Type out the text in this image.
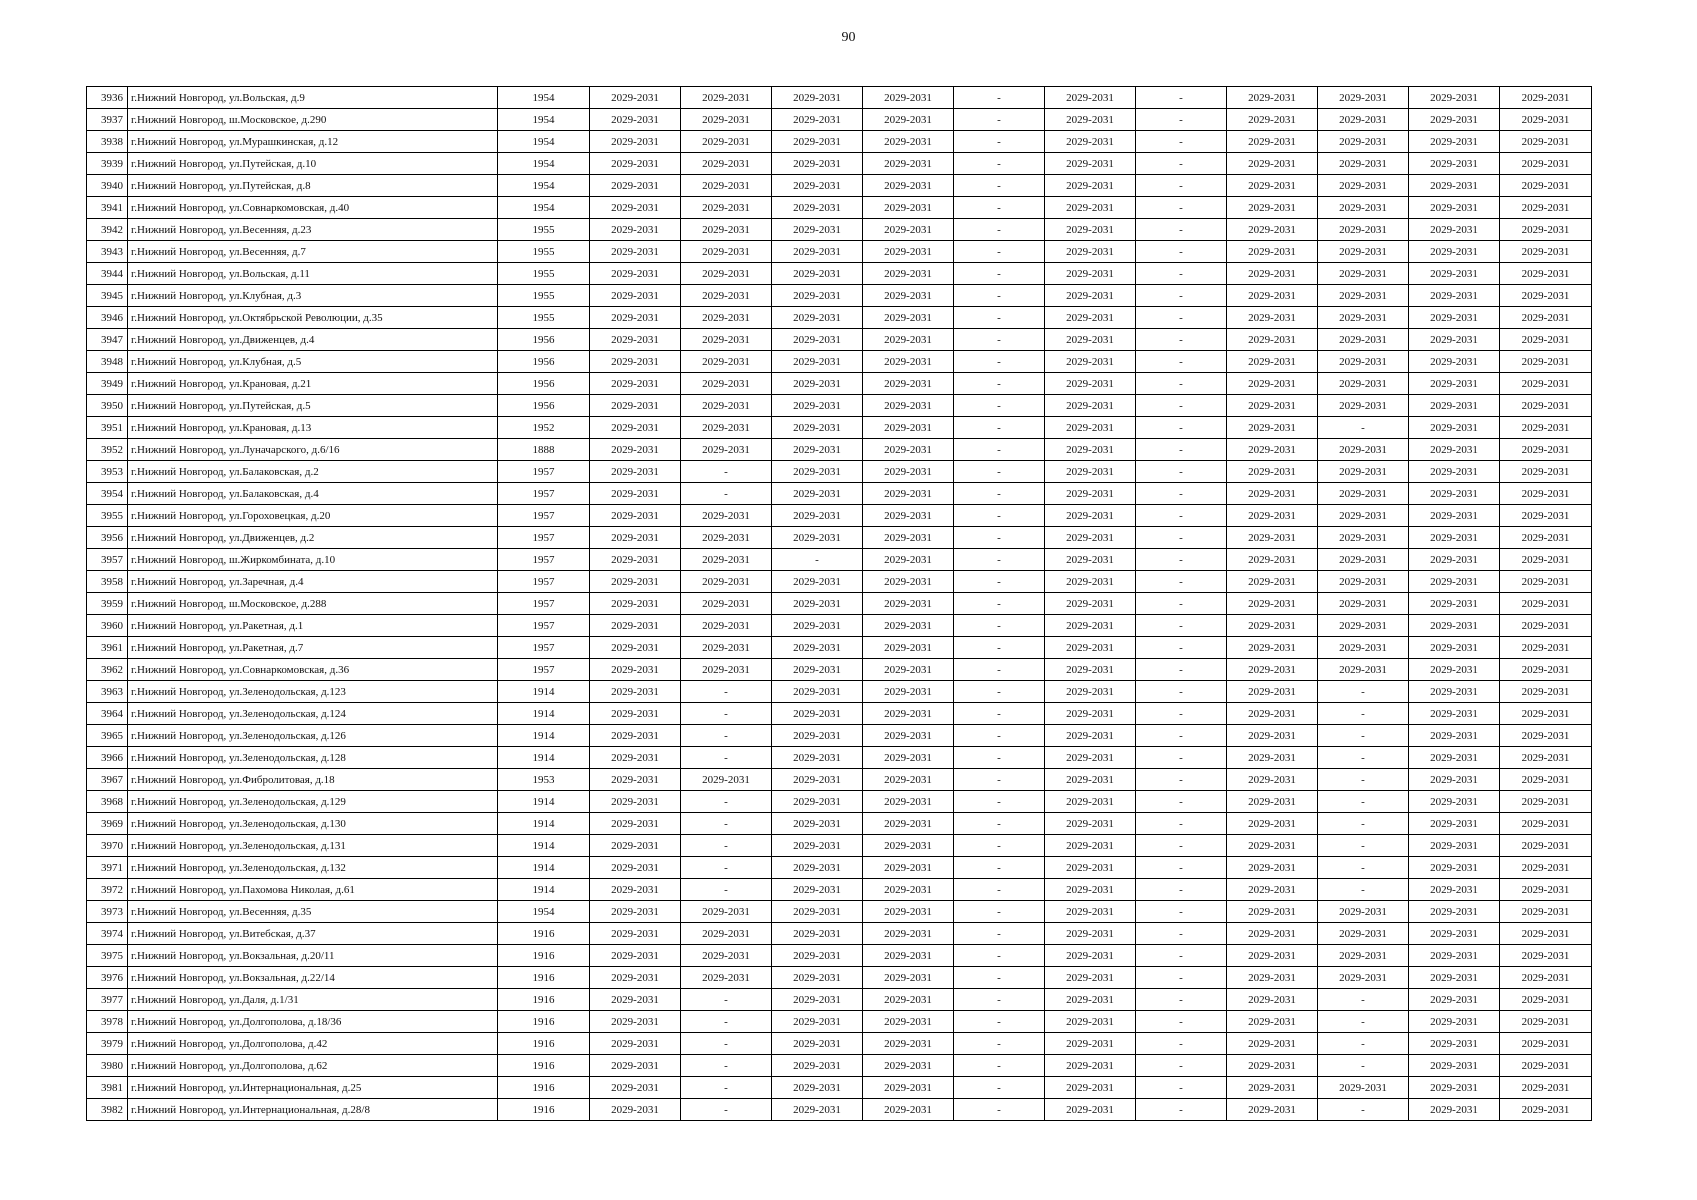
90
3936	г.Нижний Новгород, ул.Вольская, д.9	1954	2029-2031	2029-2031	2029-2031	2029-2031	-	2029-2031	-	2029-2031	2029-2031	2029-2031	2029-2031
3937	г.Нижний Новгород, ш.Московское, д.290	1954	2029-2031	2029-2031	2029-2031	2029-2031	-	2029-2031	-	2029-2031	2029-2031	2029-2031	2029-2031
3938	г.Нижний Новгород, ул.Мурашкинская, д.12	1954	2029-2031	2029-2031	2029-2031	2029-2031	-	2029-2031	-	2029-2031	2029-2031	2029-2031	2029-2031
3939	г.Нижний Новгород, ул.Путейская, д.10	1954	2029-2031	2029-2031	2029-2031	2029-2031	-	2029-2031	-	2029-2031	2029-2031	2029-2031	2029-2031
3940	г.Нижний Новгород, ул.Путейская, д.8	1954	2029-2031	2029-2031	2029-2031	2029-2031	-	2029-2031	-	2029-2031	2029-2031	2029-2031	2029-2031
3941	г.Нижний Новгород, ул.Совнаркомовская, д.40	1954	2029-2031	2029-2031	2029-2031	2029-2031	-	2029-2031	-	2029-2031	2029-2031	2029-2031	2029-2031
3942	г.Нижний Новгород, ул.Весенняя, д.23	1955	2029-2031	2029-2031	2029-2031	2029-2031	-	2029-2031	-	2029-2031	2029-2031	2029-2031	2029-2031
3943	г.Нижний Новгород, ул.Весенняя, д.7	1955	2029-2031	2029-2031	2029-2031	2029-2031	-	2029-2031	-	2029-2031	2029-2031	2029-2031	2029-2031
3944	г.Нижний Новгород, ул.Вольская, д.11	1955	2029-2031	2029-2031	2029-2031	2029-2031	-	2029-2031	-	2029-2031	2029-2031	2029-2031	2029-2031
3945	г.Нижний Новгород, ул.Клубная, д.3	1955	2029-2031	2029-2031	2029-2031	2029-2031	-	2029-2031	-	2029-2031	2029-2031	2029-2031	2029-2031
3946	г.Нижний Новгород, ул.Октябрьской Революции, д.35	1955	2029-2031	2029-2031	2029-2031	2029-2031	-	2029-2031	-	2029-2031	2029-2031	2029-2031	2029-2031
3947	г.Нижний Новгород, ул.Движенцев, д.4	1956	2029-2031	2029-2031	2029-2031	2029-2031	-	2029-2031	-	2029-2031	2029-2031	2029-2031	2029-2031
3948	г.Нижний Новгород, ул.Клубная, д.5	1956	2029-2031	2029-2031	2029-2031	2029-2031	-	2029-2031	-	2029-2031	2029-2031	2029-2031	2029-2031
3949	г.Нижний Новгород, ул.Крановая, д.21	1956	2029-2031	2029-2031	2029-2031	2029-2031	-	2029-2031	-	2029-2031	2029-2031	2029-2031	2029-2031
3950	г.Нижний Новгород, ул.Путейская, д.5	1956	2029-2031	2029-2031	2029-2031	2029-2031	-	2029-2031	-	2029-2031	2029-2031	2029-2031	2029-2031
3951	г.Нижний Новгород, ул.Крановая, д.13	1952	2029-2031	2029-2031	2029-2031	2029-2031	-	2029-2031	-	2029-2031	-	2029-2031	2029-2031
3952	г.Нижний Новгород, ул.Луначарского, д.6/16	1888	2029-2031	2029-2031	2029-2031	2029-2031	-	2029-2031	-	2029-2031	2029-2031	2029-2031	2029-2031
3953	г.Нижний Новгород, ул.Балаковская, д.2	1957	2029-2031	-	2029-2031	2029-2031	-	2029-2031	-	2029-2031	2029-2031	2029-2031	2029-2031
3954	г.Нижний Новгород, ул.Балаковская, д.4	1957	2029-2031	-	2029-2031	2029-2031	-	2029-2031	-	2029-2031	2029-2031	2029-2031	2029-2031
3955	г.Нижний Новгород, ул.Гороховецкая, д.20	1957	2029-2031	2029-2031	2029-2031	2029-2031	-	2029-2031	-	2029-2031	2029-2031	2029-2031	2029-2031
3956	г.Нижний Новгород, ул.Движенцев, д.2	1957	2029-2031	2029-2031	2029-2031	2029-2031	-	2029-2031	-	2029-2031	2029-2031	2029-2031	2029-2031
3957	г.Нижний Новгород, ш.Жиркомбината, д.10	1957	2029-2031	2029-2031	-	2029-2031	-	2029-2031	-	2029-2031	2029-2031	2029-2031	2029-2031
3958	г.Нижний Новгород, ул.Заречная, д.4	1957	2029-2031	2029-2031	2029-2031	2029-2031	-	2029-2031	-	2029-2031	2029-2031	2029-2031	2029-2031
3959	г.Нижний Новгород, ш.Московское, д.288	1957	2029-2031	2029-2031	2029-2031	2029-2031	-	2029-2031	-	2029-2031	2029-2031	2029-2031	2029-2031
3960	г.Нижний Новгород, ул.Ракетная, д.1	1957	2029-2031	2029-2031	2029-2031	2029-2031	-	2029-2031	-	2029-2031	2029-2031	2029-2031	2029-2031
3961	г.Нижний Новгород, ул.Ракетная, д.7	1957	2029-2031	2029-2031	2029-2031	2029-2031	-	2029-2031	-	2029-2031	2029-2031	2029-2031	2029-2031
3962	г.Нижний Новгород, ул.Совнаркомовская, д.36	1957	2029-2031	2029-2031	2029-2031	2029-2031	-	2029-2031	-	2029-2031	2029-2031	2029-2031	2029-2031
3963	г.Нижний Новгород, ул.Зеленодольская, д.123	1914	2029-2031	-	2029-2031	2029-2031	-	2029-2031	-	2029-2031	-	2029-2031	2029-2031
3964	г.Нижний Новгород, ул.Зеленодольская, д.124	1914	2029-2031	-	2029-2031	2029-2031	-	2029-2031	-	2029-2031	-	2029-2031	2029-2031
3965	г.Нижний Новгород, ул.Зеленодольская, д.126	1914	2029-2031	-	2029-2031	2029-2031	-	2029-2031	-	2029-2031	-	2029-2031	2029-2031
3966	г.Нижний Новгород, ул.Зеленодольская, д.128	1914	2029-2031	-	2029-2031	2029-2031	-	2029-2031	-	2029-2031	-	2029-2031	2029-2031
3967	г.Нижний Новгород, ул.Фибролитовая, д.18	1953	2029-2031	2029-2031	2029-2031	2029-2031	-	2029-2031	-	2029-2031	-	2029-2031	2029-2031
3968	г.Нижний Новгород, ул.Зеленодольская, д.129	1914	2029-2031	-	2029-2031	2029-2031	-	2029-2031	-	2029-2031	-	2029-2031	2029-2031
3969	г.Нижний Новгород, ул.Зеленодольская, д.130	1914	2029-2031	-	2029-2031	2029-2031	-	2029-2031	-	2029-2031	-	2029-2031	2029-2031
3970	г.Нижний Новгород, ул.Зеленодольская, д.131	1914	2029-2031	-	2029-2031	2029-2031	-	2029-2031	-	2029-2031	-	2029-2031	2029-2031
3971	г.Нижний Новгород, ул.Зеленодольская, д.132	1914	2029-2031	-	2029-2031	2029-2031	-	2029-2031	-	2029-2031	-	2029-2031	2029-2031
3972	г.Нижний Новгород, ул.Пахомова Николая, д.61	1914	2029-2031	-	2029-2031	2029-2031	-	2029-2031	-	2029-2031	-	2029-2031	2029-2031
3973	г.Нижний Новгород, ул.Весенняя, д.35	1954	2029-2031	2029-2031	2029-2031	2029-2031	-	2029-2031	-	2029-2031	2029-2031	2029-2031	2029-2031
3974	г.Нижний Новгород, ул.Витебская, д.37	1916	2029-2031	2029-2031	2029-2031	2029-2031	-	2029-2031	-	2029-2031	2029-2031	2029-2031	2029-2031
3975	г.Нижний Новгород, ул.Вокзальная, д.20/11	1916	2029-2031	2029-2031	2029-2031	2029-2031	-	2029-2031	-	2029-2031	2029-2031	2029-2031	2029-2031
3976	г.Нижний Новгород, ул.Вокзальная, д.22/14	1916	2029-2031	2029-2031	2029-2031	2029-2031	-	2029-2031	-	2029-2031	2029-2031	2029-2031	2029-2031
3977	г.Нижний Новгород, ул.Даля, д.1/31	1916	2029-2031	-	2029-2031	2029-2031	-	2029-2031	-	2029-2031	-	2029-2031	2029-2031
3978	г.Нижний Новгород, ул.Долгополова, д.18/36	1916	2029-2031	-	2029-2031	2029-2031	-	2029-2031	-	2029-2031	-	2029-2031	2029-2031
3979	г.Нижний Новгород, ул.Долгополова, д.42	1916	2029-2031	-	2029-2031	2029-2031	-	2029-2031	-	2029-2031	-	2029-2031	2029-2031
3980	г.Нижний Новгород, ул.Долгополова, д.62	1916	2029-2031	-	2029-2031	2029-2031	-	2029-2031	-	2029-2031	-	2029-2031	2029-2031
3981	г.Нижний Новгород, ул.Интернациональная, д.25	1916	2029-2031	-	2029-2031	2029-2031	-	2029-2031	-	2029-2031	2029-2031	2029-2031	2029-2031
3982	г.Нижний Новгород, ул.Интернациональная, д.28/8	1916	2029-2031	-	2029-2031	2029-2031	-	2029-2031	-	2029-2031	-	2029-2031	2029-2031
